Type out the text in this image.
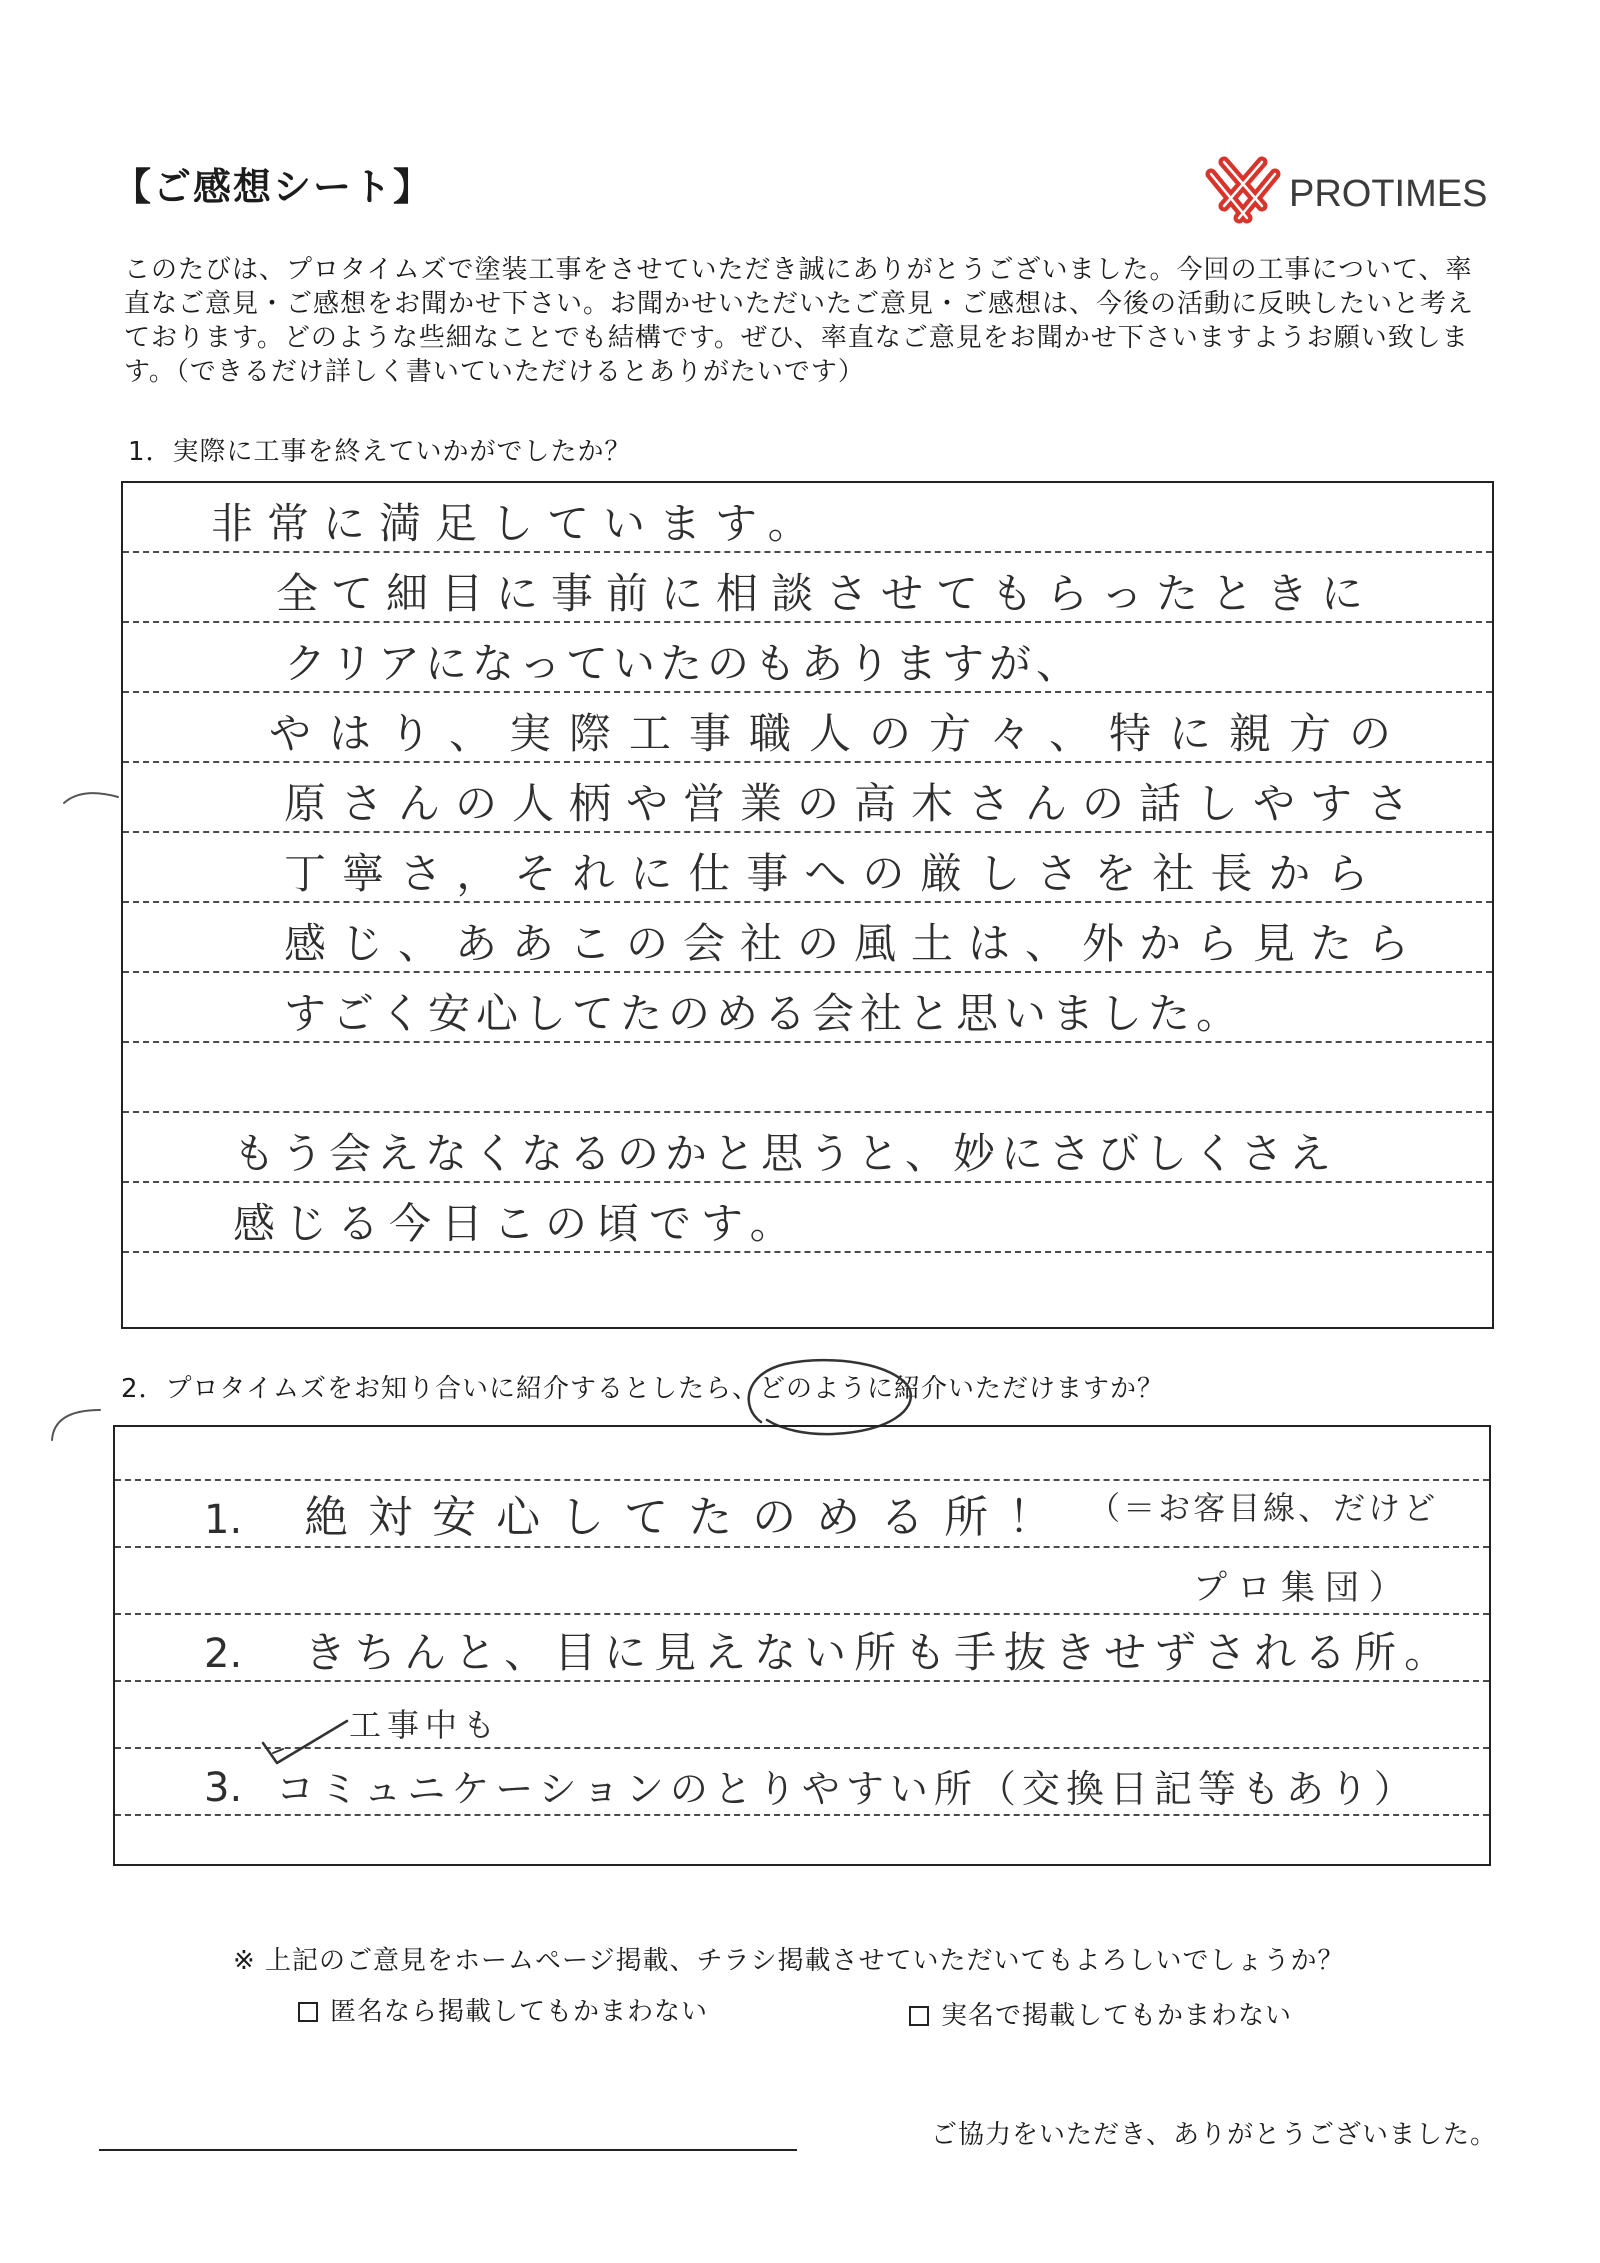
【ご感想シート】	PROTIMES
このたびは、プロタイムズで塗装工事をさせていただき誠にありがとうございました。今回の工事について、率
直なご意見・ご感想をお聞かせ下さい。お聞かせいただいたご意見・ご感想は、今後の活動に反映したいと考え
ております。どのような些細なことでも結構です。ぜひ、率直なご意見をお聞かせ下さいますようお願い致しま
す。（できるだけ詳しく書いていただけるとありがたいです）
1．実際に工事を終えていかがでしたか？
非常に満足しています。
全て細目に事前に相談させてもらったときに
クリアになっていたのもありますが、
やはり、実際工事職人の方々、特に親方の
原さんの人柄や営業の高木さんの話しやすさ
丁寧さ，それに仕事への厳しさを社長から
感じ、ああこの会社の風土は、外から見たら
すごく安心してたのめる会社と思いました。
もう会えなくなるのかと思うと、妙にさびしくさえ
感じる今日この頃です。
2．プロタイムズをお知り合いに紹介するとしたら、どのように
紹介いただけますか？
1. 絶対安心してたのめる所！ （＝お客目線、だけど
プロ集団）
2. きちんと、目に見えない所も手抜きせずされる所。
工事中も
3. コミュニケーションのとりやすい所（交換日記等もあり）
※ 上記のご意見をホームページ掲載、チラシ掲載させていただいてもよろしいでしょうか？
匿名なら掲載してもかまわない	実名で掲載してもかまわない
ご協力をいただき、ありがとうございました。
